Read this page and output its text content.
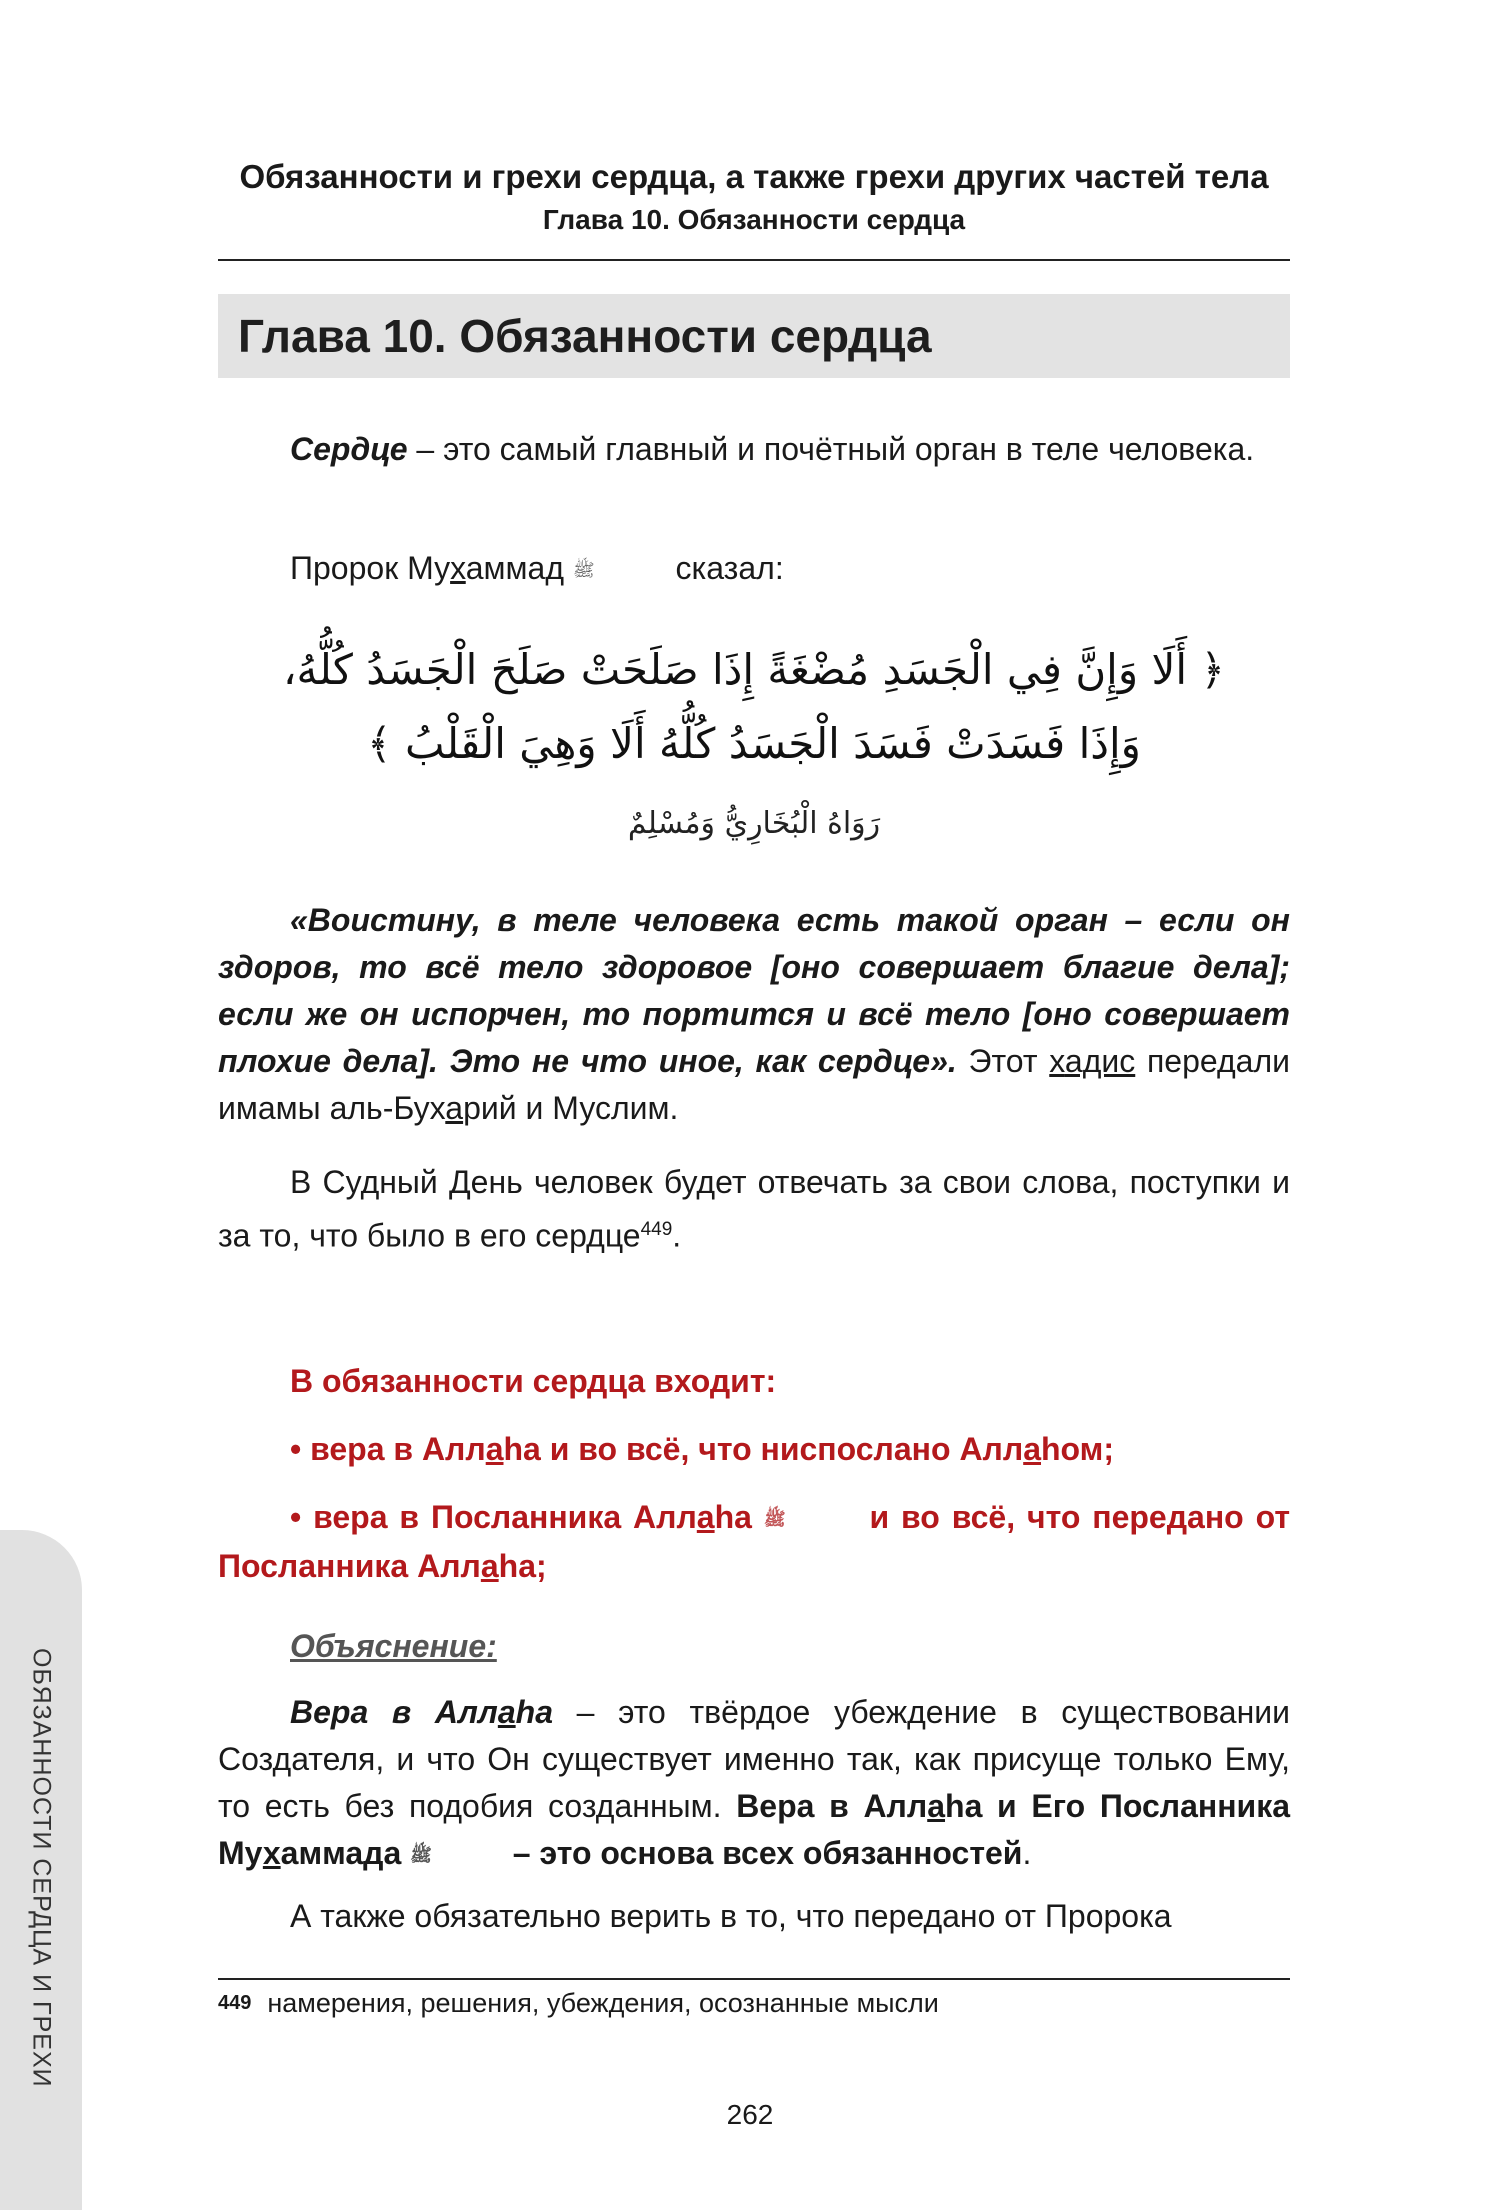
Обязанности и грехи сердца, а также грехи других частей тела
Глава 10. Обязанности сердца
Глава 10. Обязанности сердца

Сердце – это самый главный и почётный орган в теле человека.

Пророк Мухаммад ﷺ сказал:

﴿ أَلَا وَإِنَّ فِي الْجَسَدِ مُضْغَةً إِذَا صَلَحَتْ صَلَحَ الْجَسَدُ كُلُّهُ،
وَإِذَا فَسَدَتْ فَسَدَ الْجَسَدُ كُلُّهُ أَلَا وَهِيَ الْقَلْبُ ﴾
رَوَاهُ الْبُخَارِيُّ وَمُسْلِمٌ

«Воистину, в теле человека есть такой орган – если он здоров, то всё тело здоровое [оно совершает благие дела]; если же он испорчен, то портится и всё тело [оно совершает плохие дела]. Это не что иное, как сердце». Этот хадис передали имамы аль-Бухарий и Муслим.

В Судный День человек будет отвечать за свои слова, поступки и за то, что было в его сердце$^{449}$.

В обязанности сердца входит:

• вера в Аллаһа и во всё, что ниспослано Аллаһом;

• вера в Посланника Аллаһа ﷺ и во всё, что передано от Посланника Аллаһа;

Объяснение:

Вера в Аллаһа – это твёрдое убеждение в существовании Создателя, и что Он существует именно так, как присуще только Ему, то есть без подобия созданным. Вера в Аллаһа и Его Посланника Мухаммада ﷺ – это основа всех обязанностей.

А также обязательно верить в то, что передано от Пророка

$^{449}$ намерения, решения, убеждения, осознанные мысли
262
ОБЯЗАННОСТИ СЕРДЦА И ГРЕХИ
